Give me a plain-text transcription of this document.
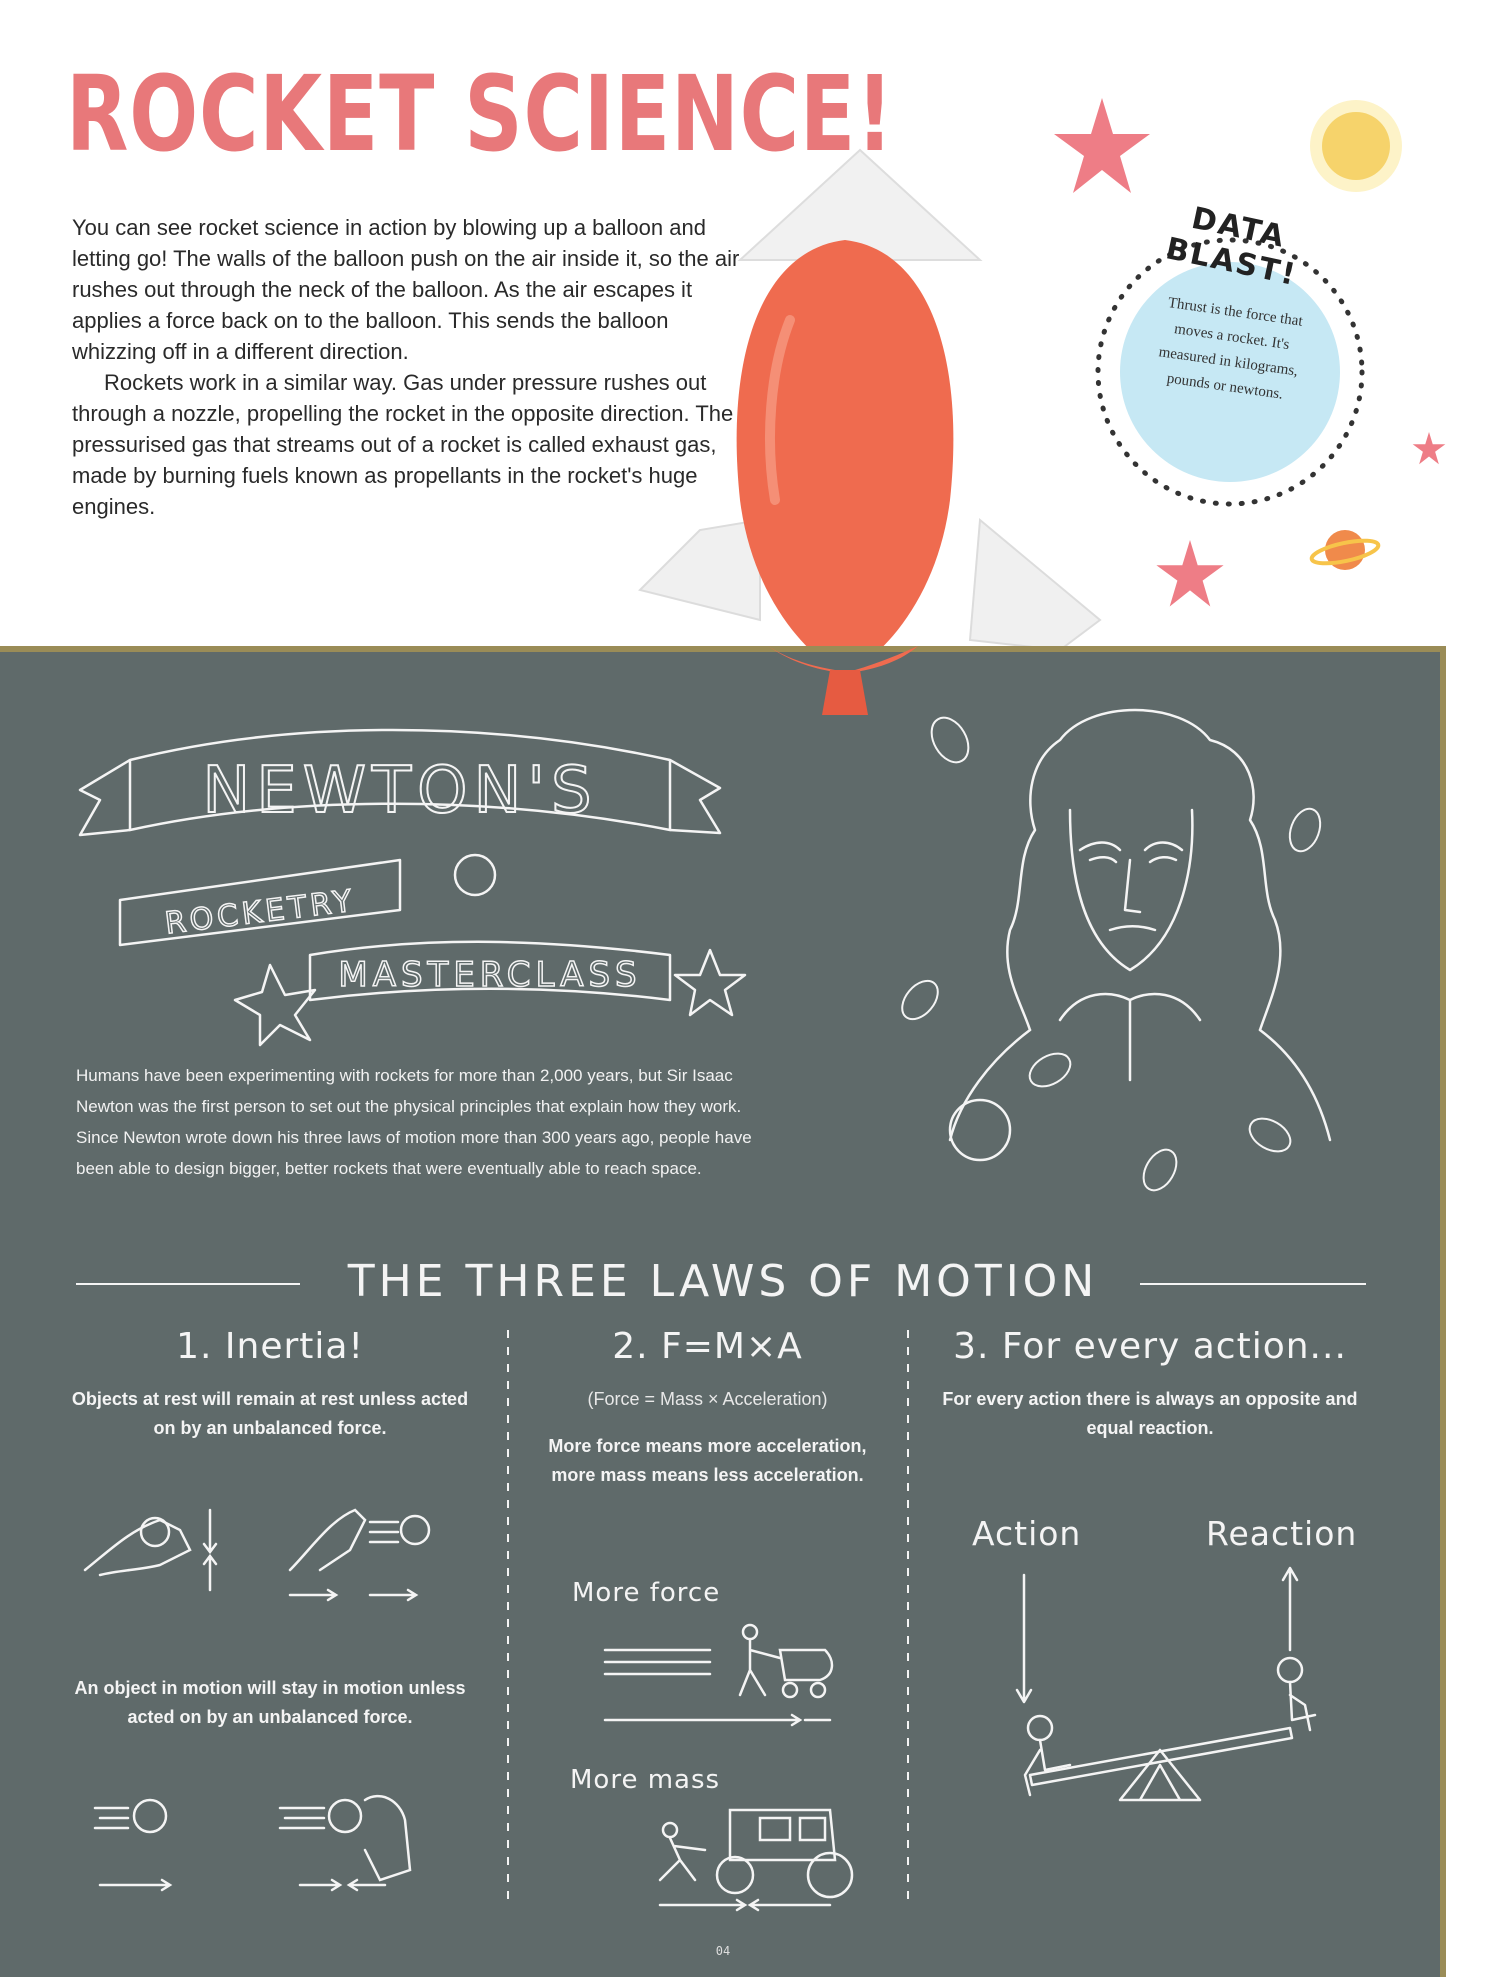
ROCKET SCIENCE!

You can see rocket science in action by blowing up a balloon and letting go! The walls of the balloon push on the air inside it, so the air rushes out through the neck of the balloon. As the air escapes it applies a force back on to the balloon. This sends the balloon whizzing off in a different direction.

Rockets work in a similar way. Gas under pressure rushes out through a nozzle, propelling the rocket in the opposite direction. The pressurised gas that streams out of a rocket is called exhaust gas, made by burning fuels known as propellants in the rocket's huge engines.

DATA BLAST!
Thrust is the force that moves a rocket. It's measured in kilograms, pounds or newtons.
NEWTON'S
ROCKETRY
MASTERCLASS
Humans have been experimenting with rockets for more than 2,000 years, but Sir Isaac Newton was the first person to set out the physical principles that explain how they work. Since Newton wrote down his three laws of motion more than 300 years ago, people have been able to design bigger, better rockets that were eventually able to reach space.
THE THREE LAWS OF MOTION
1. Inertia!

Objects at rest will remain at rest unless acted on by an unbalanced force.

An object in motion will stay in motion unless acted on by an unbalanced force.

2. F=M×A

(Force = Mass × Acceleration)

More force means more acceleration, more mass means less acceleration.

More force
More mass
3. For every action...

For every action there is always an opposite and equal reaction.

Action	Reaction
04
